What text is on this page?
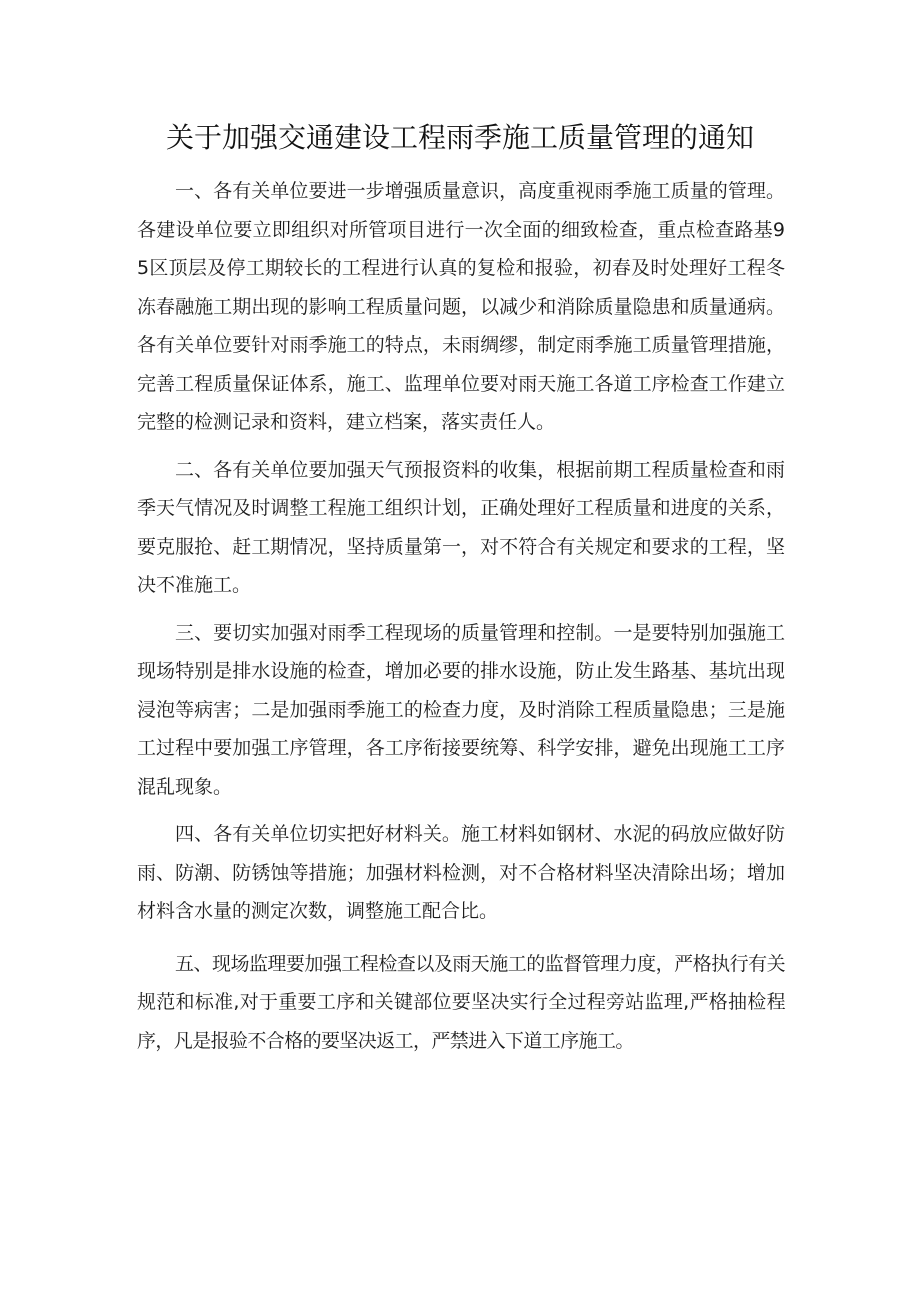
关于加强交通建设工程雨季施工质量管理的通知

一、各有关单位要进一步增强质量意识，高度重视雨季施工质量的管理。各建设单位要立即组织对所管项目进行一次全面的细致检查，重点检查路基95区顶层及停工期较长的工程进行认真的复检和报验，初春及时处理好工程冬冻春融施工期出现的影响工程质量问题，以减少和消除质量隐患和质量通病。各有关单位要针对雨季施工的特点，未雨绸缪，制定雨季施工质量管理措施，完善工程质量保证体系，施工、监理单位要对雨天施工各道工序检查工作建立完整的检测记录和资料，建立档案，落实责任人。

二、各有关单位要加强天气预报资料的收集，根据前期工程质量检查和雨季天气情况及时调整工程施工组织计划，正确处理好工程质量和进度的关系，要克服抢、赶工期情况，坚持质量第一，对不符合有关规定和要求的工程，坚决不准施工。

三、要切实加强对雨季工程现场的质量管理和控制。一是要特别加强施工现场特别是排水设施的检查，增加必要的排水设施，防止发生路基、基坑出现浸泡等病害；二是加强雨季施工的检查力度，及时消除工程质量隐患；三是施工过程中要加强工序管理，各工序衔接要统筹、科学安排，避免出现施工工序混乱现象。

四、各有关单位切实把好材料关。施工材料如钢材、水泥的码放应做好防雨、防潮、防锈蚀等措施；加强材料检测，对不合格材料坚决清除出场；增加材料含水量的测定次数，调整施工配合比。

五、现场监理要加强工程检查以及雨天施工的监督管理力度，严格执行有关规范和标准,对于重要工序和关键部位要坚决实行全过程旁站监理,严格抽检程序，凡是报验不合格的要坚决返工，严禁进入下道工序施工。
